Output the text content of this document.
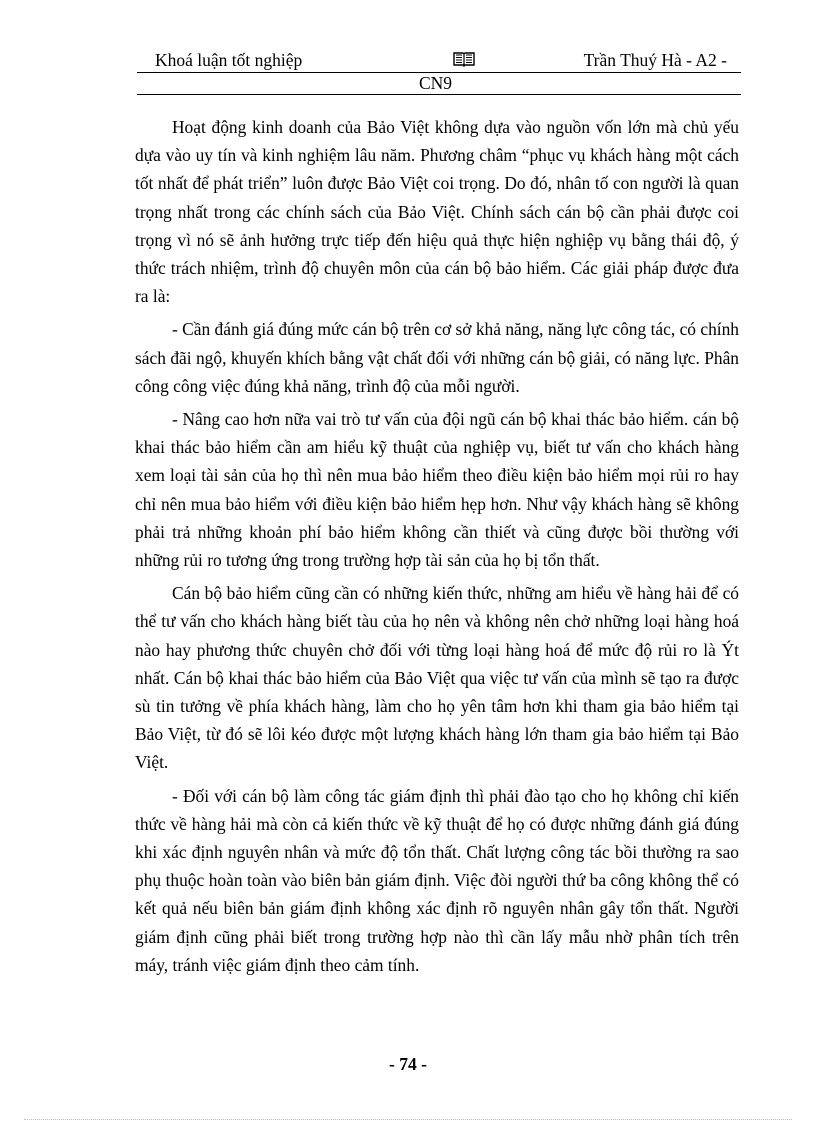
Khoá luận tốt nghiệp	Trần Thuý Hà - A2 -
CN9

Hoạt động kinh doanh của Bảo Việt không dựa vào nguồn vốn lớn mà chủ yếu dựa vào uy tín và kinh nghiệm lâu năm. Phương châm “phục vụ khách hàng một cách tốt nhất để phát triển” luôn được Bảo Việt coi trọng. Do đó, nhân tố con người là quan trọng nhất trong các chính sách của Bảo Việt. Chính sách cán bộ cần phải được coi trọng vì nó sẽ ảnh hưởng trực tiếp đến hiệu quả thực hiện nghiệp vụ bằng thái độ, ý thức trách nhiệm, trình độ chuyên môn của cán bộ bảo hiểm. Các giải pháp được đưa ra là:

- Cần đánh giá đúng mức cán bộ trên cơ sở khả năng, năng lực công tác, có chính sách đãi ngộ, khuyến khích bằng vật chất đối với những cán bộ giải, có năng lực. Phân công công việc đúng khả năng, trình độ của mỗi người.

- Nâng cao hơn nữa vai trò tư vấn của đội ngũ cán bộ khai thác bảo hiểm. cán bộ khai thác bảo hiểm cần am hiểu kỹ thuật của nghiệp vụ, biết tư vấn cho khách hàng xem loại tài sản của họ thì nên mua bảo hiểm theo điều kiện bảo hiểm mọi rủi ro hay chỉ nên mua bảo hiểm với điều kiện bảo hiểm hẹp hơn. Như vậy khách hàng sẽ không phải trả những khoản phí bảo hiểm không cần thiết và cũng được bồi thường với những rủi ro tương ứng trong trường hợp tài sản của họ bị tổn thất.

Cán bộ bảo hiểm cũng cần có những kiến thức, những am hiểu về hàng hải để có thể tư vấn cho khách hàng biết tàu của họ nên và không nên chở những loại hàng hoá nào hay phương thức chuyên chở đối với từng loại hàng hoá để mức độ rủi ro là Ýt nhất. Cán bộ khai thác bảo hiểm của Bảo Việt qua việc tư vấn của mình sẽ tạo ra được sù tin tưởng về phía khách hàng, làm cho họ yên tâm hơn khi tham gia bảo hiểm tại Bảo Việt, từ đó sẽ lôi kéo được một lượng khách hàng lớn tham gia bảo hiểm tại Bảo Việt.

- Đối với cán bộ làm công tác giám định thì phải đào tạo cho họ không chỉ kiến thức về hàng hải mà còn cả kiến thức về kỹ thuật để họ có được những đánh giá đúng khi xác định nguyên nhân và mức độ tổn thất. Chất lượng công tác bồi thường ra sao phụ thuộc hoàn toàn vào biên bản giám định. Việc đòi người thứ ba công không thể có kết quả nếu biên bản giám định không xác định rõ nguyên nhân gây tổn thất. Người giám định cũng phải biết trong trường hợp nào thì cần lấy mẫu nhờ phân tích trên máy, tránh việc giám định theo cảm tính.

- 74 -
